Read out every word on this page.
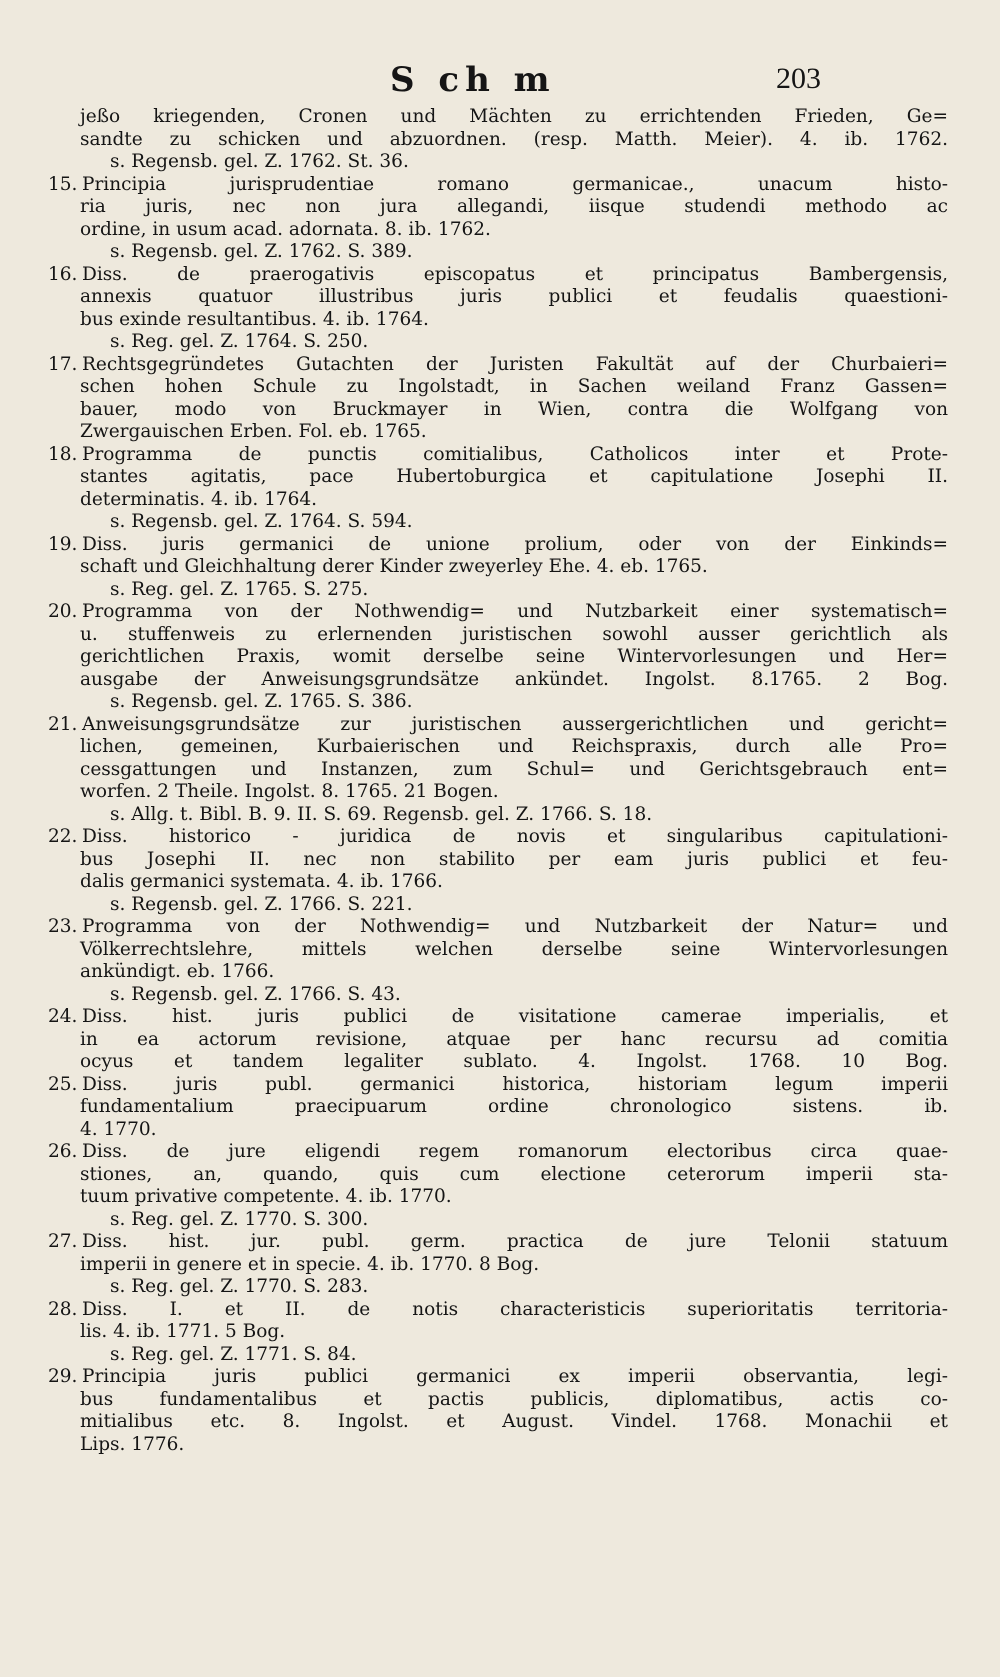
S ch m	203
jeßo kriegenden, Cronen und Mächten zu errichtenden Frieden, Ge=
sandte zu schicken und abzuordnen. (resp. Matth. Meier). 4. ib. 1762.
s. Regensb. gel. Z. 1762. St. 36.
15. Principia jurisprudentiae romano germanicae., unacum histo-
ria juris, nec non jura allegandi, iisque studendi methodo ac
ordine, in usum acad. adornata. 8. ib. 1762.
s. Regensb. gel. Z. 1762. S. 389.
16. Diss. de praerogativis episcopatus et principatus Bambergensis,
annexis quatuor illustribus juris publici et feudalis quaestioni-
bus exinde resultantibus. 4. ib. 1764.
s. Reg. gel. Z. 1764. S. 250.
17. Rechtsgegründetes Gutachten der Juristen Fakultät auf der Churbaieri=
schen hohen Schule zu Ingolstadt, in Sachen weiland Franz Gassen=
bauer, modo von Bruckmayer in Wien, contra die Wolfgang von
Zwergauischen Erben. Fol. eb. 1765.
18. Programma de punctis comitialibus, Catholicos inter et Prote-
stantes agitatis, pace Hubertoburgica et capitulatione Josephi II.
determinatis. 4. ib. 1764.
s. Regensb. gel. Z. 1764. S. 594.
19. Diss. juris germanici de unione prolium, oder von der Einkinds=
schaft und Gleichhaltung derer Kinder zweyerley Ehe. 4. eb. 1765.
s. Reg. gel. Z. 1765. S. 275.
20. Programma von der Nothwendig= und Nutzbarkeit einer systematisch=
u. stuffenweis zu erlernenden juristischen sowohl ausser gerichtlich als
gerichtlichen Praxis, womit derselbe seine Wintervorlesungen und Her=
ausgabe der Anweisungsgrundsätze ankündet. Ingolst. 8.1765. 2 Bog.
s. Regensb. gel. Z. 1765. S. 386.
21. Anweisungsgrundsätze zur juristischen aussergerichtlichen und gericht=
lichen, gemeinen, Kurbaierischen und Reichspraxis, durch alle Pro=
cessgattungen und Instanzen, zum Schul= und Gerichtsgebrauch ent=
worfen. 2 Theile. Ingolst. 8. 1765. 21 Bogen.
s. Allg. t. Bibl. B. 9. II. S. 69. Regensb. gel. Z. 1766. S. 18.
22. Diss. historico - juridica de novis et singularibus capitulationi-
bus Josephi II. nec non stabilito per eam juris publici et feu-
dalis germanici systemata. 4. ib. 1766.
s. Regensb. gel. Z. 1766. S. 221.
23. Programma von der Nothwendig= und Nutzbarkeit der Natur= und
Völkerrechtslehre, mittels welchen derselbe seine Wintervorlesungen
ankündigt. eb. 1766.
s. Regensb. gel. Z. 1766. S. 43.
24. Diss. hist. juris publici de visitatione camerae imperialis, et
in ea actorum revisione, atquae per hanc recursu ad comitia
ocyus et tandem legaliter sublato. 4. Ingolst. 1768. 10 Bog.
25. Diss. juris publ. germanici historica, historiam legum imperii
fundamentalium praecipuarum ordine chronologico sistens. ib.
4. 1770.
26. Diss. de jure eligendi regem romanorum electoribus circa quae-
stiones, an, quando, quis cum electione ceterorum imperii sta-
tuum privative competente. 4. ib. 1770.
s. Reg. gel. Z. 1770. S. 300.
27. Diss. hist. jur. publ. germ. practica de jure Telonii statuum
imperii in genere et in specie. 4. ib. 1770. 8 Bog.
s. Reg. gel. Z. 1770. S. 283.
28. Diss. I. et II. de notis characteristicis superioritatis territoria-
lis. 4. ib. 1771. 5 Bog.
s. Reg. gel. Z. 1771. S. 84.
29. Principia juris publici germanici ex imperii observantia, legi-
bus fundamentalibus et pactis publicis, diplomatibus, actis co-
mitialibus etc. 8. Ingolst. et August. Vindel. 1768. Monachii et
Lips. 1776.
